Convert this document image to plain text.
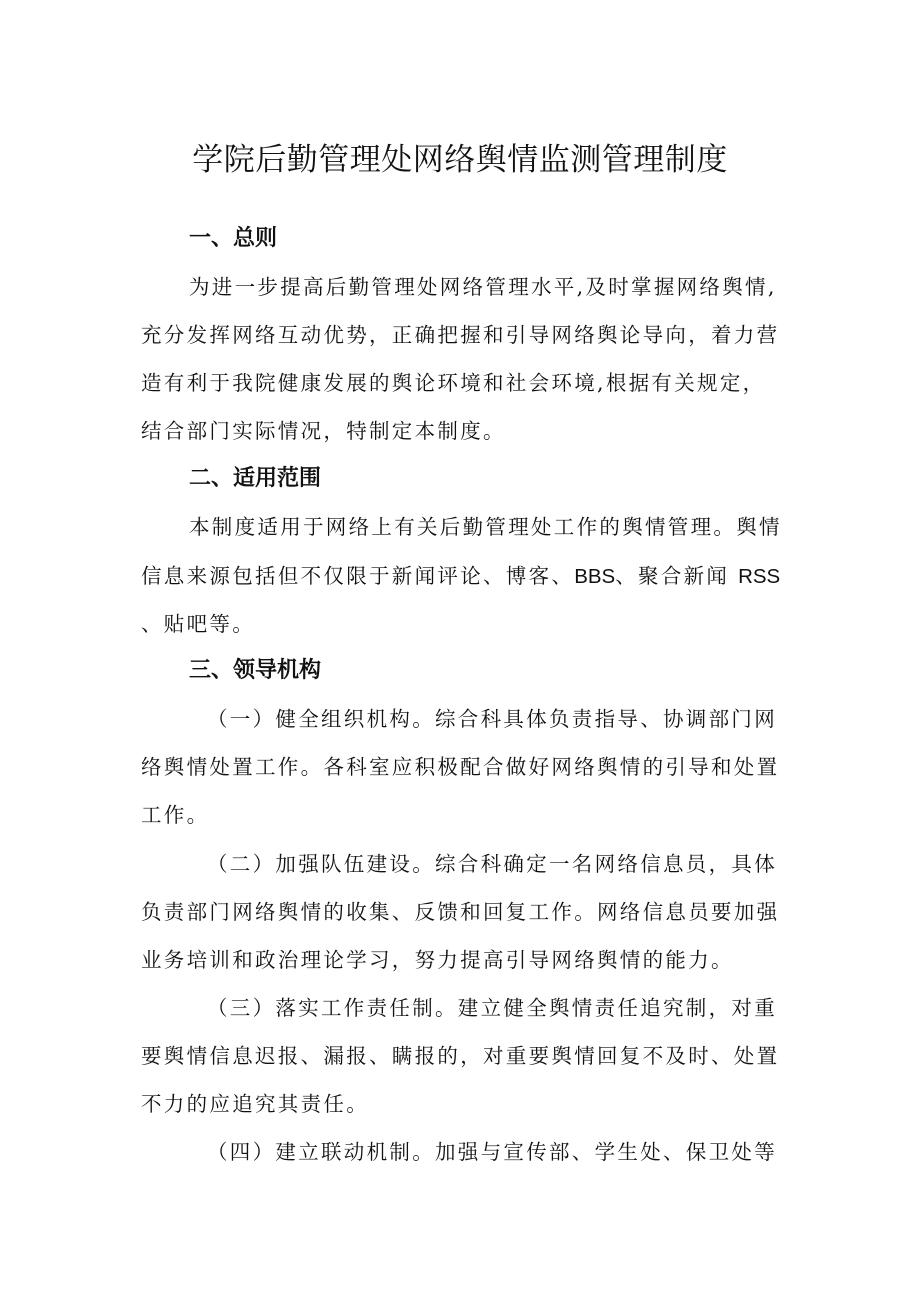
学院后勤管理处网络舆情监测管理制度
一、总则

为进一步提高后勤管理处网络管理水平,及时掌握网络舆情,

充分发挥网络互动优势，正确把握和引导网络舆论导向，着力营

造有利于我院健康发展的舆论环境和社会环境,根据有关规定，

结合部门实际情况，特制定本制度。

二、适用范围

本制度适用于网络上有关后勤管理处工作的舆情管理。舆情

信息来源包括但不仅限于新闻评论、博客、BBS、聚合新闻 RSS

、贴吧等。

三、领导机构

（一）健全组织机构。综合科具体负责指导、协调部门网

络舆情处置工作。各科室应积极配合做好网络舆情的引导和处置

工作。

（二）加强队伍建设。综合科确定一名网络信息员，具体

负责部门网络舆情的收集、反馈和回复工作。网络信息员要加强

业务培训和政治理论学习，努力提高引导网络舆情的能力。

（三）落实工作责任制。建立健全舆情责任追究制，对重

要舆情信息迟报、漏报、瞒报的，对重要舆情回复不及时、处置

不力的应追究其责任。

（四）建立联动机制。加强与宣传部、学生处、保卫处等
